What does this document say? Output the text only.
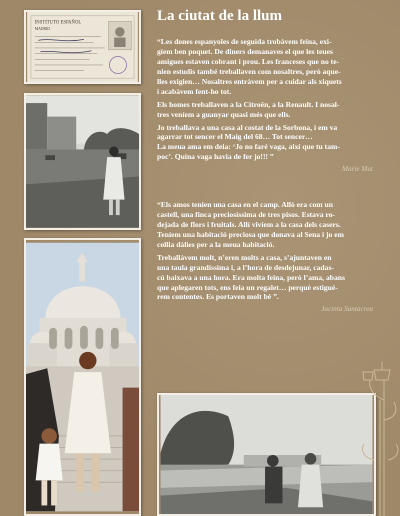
INSTITUTO ESPAÑOL
MADRID
La ciutat de la llum

“Les dones espanyoles de seguida trobàvem feina, exi-
gíem ben poquet. De diners demanaves el que les teues
amigues estaven cobrant i prou. Les franceses que no te-
nien estudis també treballaven com nosaltres, però aque-
lles exigien… Nosaltres entràvem per a cuidar als xiquets
i acabàvem fent-ho tot.

Els homes treballaven a la Citroën, a la Renault. I nosal-
tres veníem a guanyar quasi més que ells.

Jo treballava a una casa al costat de la Sorbona, i em va
agarrar tot sencer el Maig del 68… Tot sencer…
La meua ama em deia: ‘Jo no faré vaga, així que tu tam-
poc’. Quina vaga havia de fer jo!!! ”

Marie Mut

“Els amos tenien una casa en el camp. Allò era com un
castell, una finca preciosíssima de tres pisos. Estava ro-
dejada de flors i fruitals. Allí vivíem a la casa dels casers.
Teníem una habitació preciosa que donava al Sena i jo em
collia dàlies per a la meua habitació.

Treballàvem molt, n’eren molts a casa, s’ajuntaven en
una taula grandíssima i, a l’hora de desdejunar, cadas-
cú baixava a una hora. Era molta feina, però l’ama, abans
que aplegaren tots, ens feia un regalet… perquè estigué-
rem contentes. Es portaven molt bé ”.

Jacinta Santacreu
